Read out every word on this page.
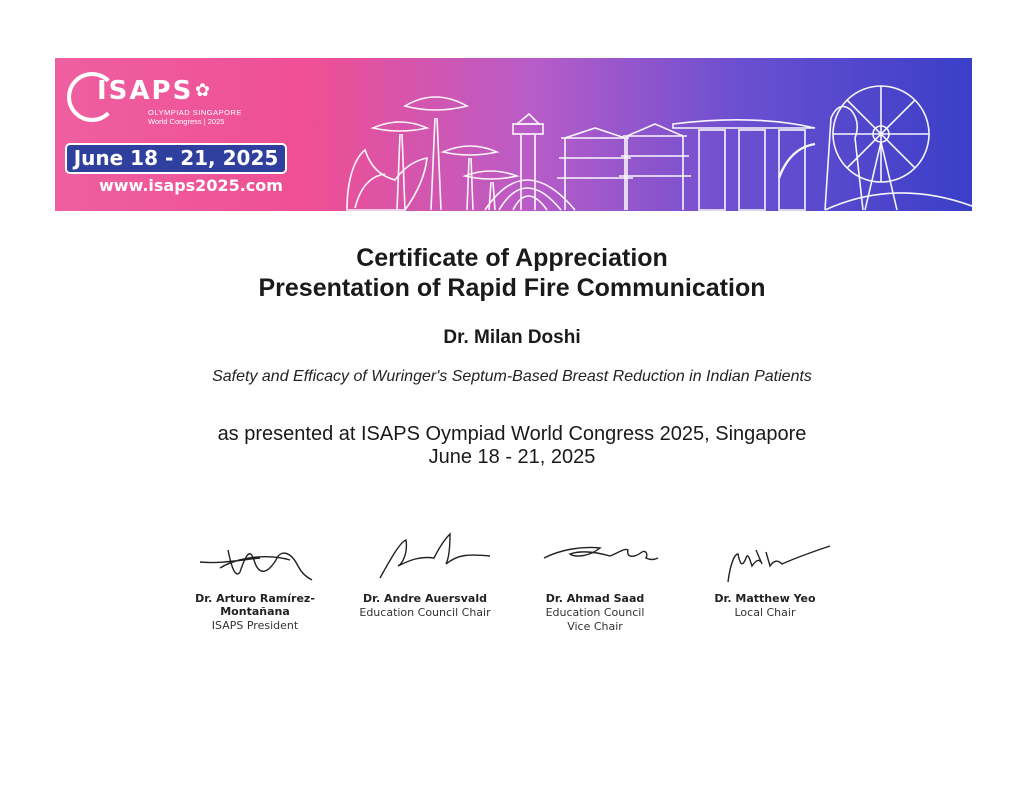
ISAPS ✿
OLYMPIAD SINGAPORE
World Congress | 2025
June 18 - 21, 2025
www.isaps2025.com
Certificate of Appreciation
Presentation of Rapid Fire Communication
Dr. Milan Doshi
Safety and Efficacy of Wuringer's Septum-Based Breast Reduction in Indian Patients
as presented at ISAPS Oympiad World Congress 2025, Singapore
June 18 - 21, 2025
Dr. Arturo Ramírez-
Montañana
ISAPS President
Dr. Andre Auersvald
Education Council Chair
Dr. Ahmad Saad
Education Council
Vice Chair
Dr. Matthew Yeo
Local Chair
